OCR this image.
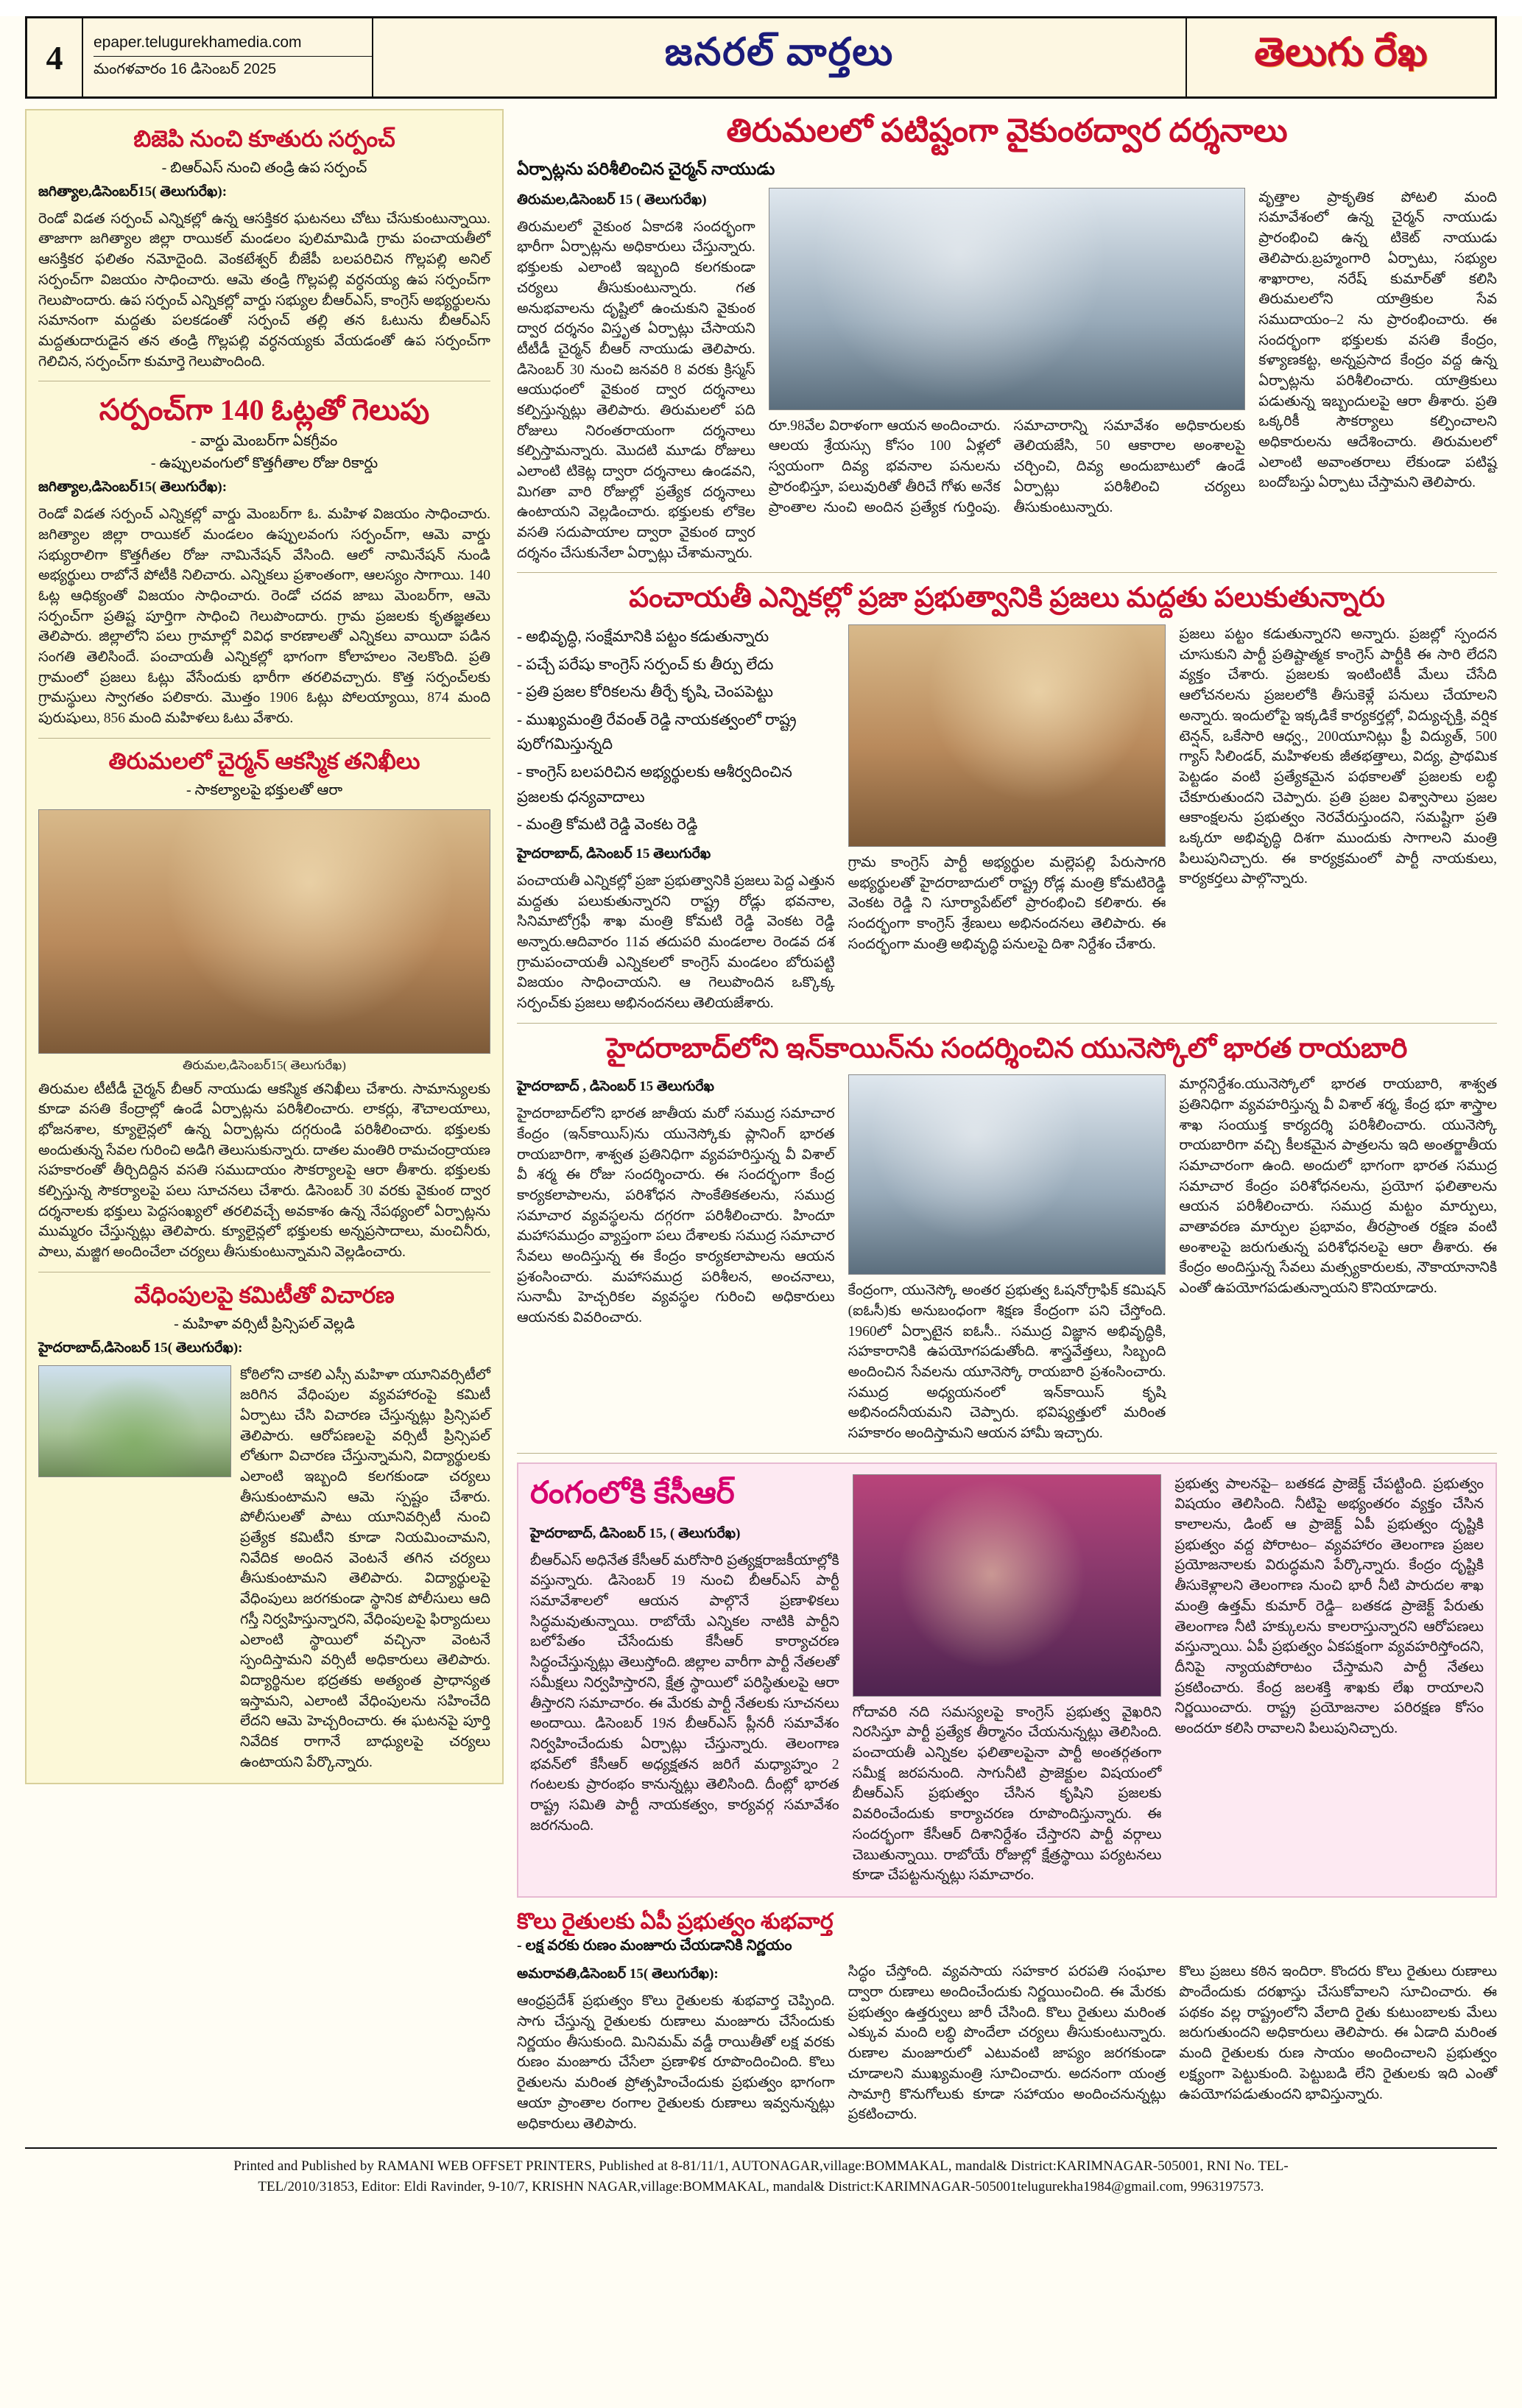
4	epaper.telugurekhamedia.com
మంగళవారం 16 డిసెంబర్ 2025	జనరల్ వార్తలు	తెలుగు రేఖ
బిజెపి నుంచి కూతురు సర్పంచ్
- బిఆర్ఎస్ నుంచి తండ్రి ఉప సర్పంచ్
జగిత్యాల,డిసెంబర్15( తెలుగురేఖ):
రెండో విడత సర్పంచ్ ఎన్నికల్లో ఉన్న ఆసక్తికర ఘటనలు చోటు చేసుకుంటున్నాయి. తాజాగా జగిత్యాల జిల్లా రాయికల్ మండలం పులిమామిడి గ్రామ పంచాయతీలో ఆసక్తికర ఫలితం నమోదైంది. వెంకటేశ్వర్ బీజేపీ బలపరిచిన గొల్లపల్లి అనిల్ సర్పంచ్‌గా విజయం సాధించారు. ఆమె తండ్రి గొల్లపల్లి వర్ధనయ్య ఉప సర్పంచ్‌గా గెలుపొందారు. ఉప సర్పంచ్ ఎన్నికల్లో వార్డు సభ్యుల బీఆర్ఎస్, కాంగ్రెస్ అభ్యర్థులను సమానంగా మద్దతు పలకడంతో సర్పంచ్ తల్లి తన ఓటును బీఆర్ఎస్ మద్దతుదారుడైన తన తండ్రి గొల్లపల్లి వర్ధనయ్యకు వేయడంతో ఉప సర్పంచ్‌గా గెలిచిన, సర్పంచ్‌గా కుమార్తె గెలుపొందింది.
సర్పంచ్‌గా 140 ఓట్లతో గెలుపు
- వార్డు మెంబర్‌గా ఏకగ్రీవం
- ఉప్పులవంగులో కొత్తగీతాల రోజు రికార్డు
జగిత్యాల,డిసెంబర్15( తెలుగురేఖ):
రెండో విడత సర్పంచ్ ఎన్నికల్లో వార్డు మెంబర్‌గా ఓ. మహిళ విజయం సాధించారు. జగిత్యాల జిల్లా రాయికల్ మండలం ఉప్పులవంగు సర్పంచ్‌గా, ఆమె వార్డు సభ్యురాలిగా కొత్తగీతల రోజు నామినేషన్ వేసింది. ఆలో నామినేషన్ నుండి అభ్యర్థులు రాబోనే పోటీకి నిలిచారు. ఎన్నికలు ప్రశాంతంగా, ఆలస్యం సాగాయి. 140 ఓట్ల ఆధిక్యంతో విజయం సాధించారు. రెండో చదవ జాబు మెంబర్‌గా, ఆమె సర్పంచ్‌గా ప్రతిష్ట పూర్తిగా సాధించి గెలుపొందారు. గ్రామ ప్రజలకు కృతజ్ఞతలు తెలిపారు. జిల్లాలోని పలు గ్రామాల్లో వివిధ కారణాలతో ఎన్నికలు వాయిదా పడిన సంగతి తెలిసిందే. పంచాయతీ ఎన్నికల్లో భాగంగా కోలాహలం నెలకొంది. ప్రతి గ్రామంలో ప్రజలు ఓట్లు వేసేందుకు భారీగా తరలివచ్చారు. కొత్త సర్పంచ్‌లకు గ్రామస్థులు స్వాగతం పలికారు. మొత్తం 1906 ఓట్లు పోలయ్యాయి, 874 మంది పురుషులు, 856 మంది మహిళలు ఓటు వేశారు.
తిరుమలలో చైర్మన్ ఆకస్మిక తనిఖీలు
- సాకల్యాలపై భక్తులతో ఆరా
తిరుమల,డిసెంబర్15( తెలుగురేఖ)
తిరుమల టీటీడీ చైర్మన్ బీఆర్ నాయుడు ఆకస్మిక తనిఖీలు చేశారు. సామాన్యులకు కూడా వసతి కేంద్రాల్లో ఉండే ఏర్పాట్లను పరిశీలించారు. లాకర్లు, శౌచాలయాలు, భోజనశాల, క్యూలైన్లలో ఉన్న ఏర్పాట్లను దగ్గరుండి పరిశీలించారు. భక్తులకు అందుతున్న సేవల గురించి అడిగి తెలుసుకున్నారు. దాతల మంతిరి రామచంద్రాయణ సహకారంతో తీర్చిదిద్దిన వసతి సముదాయం సౌకర్యాలపై ఆరా తీశారు. భక్తులకు కల్పిస్తున్న సౌకర్యాలపై పలు సూచనలు చేశారు. డిసెంబర్ 30 వరకు వైకుంఠ ద్వార దర్శనాలకు భక్తులు పెద్దసంఖ్యలో తరలివచ్చే అవకాశం ఉన్న నేపథ్యంలో ఏర్పాట్లను ముమ్మరం చేస్తున్నట్లు తెలిపారు. క్యూలైన్లలో భక్తులకు అన్నప్రసాదాలు, మంచినీరు, పాలు, మజ్జిగ అందించేలా చర్యలు తీసుకుంటున్నామని వెల్లడించారు.
వేధింపులపై కమిటీతో విచారణ
- మహిళా వర్సిటీ ప్రిన్సిపల్ వెల్లడి
హైదరాబాద్,డిసెంబర్ 15( తెలుగురేఖ):
కోఠిలోని చాకలి ఎస్సీ మహిళా యూనివర్సిటీలో జరిగిన వేధింపుల వ్యవహారంపై కమిటీ ఏర్పాటు చేసి విచారణ చేస్తున్నట్లు ప్రిన్సిపల్ తెలిపారు. ఆరోపణలపై వర్సిటీ ప్రిన్సిపల్ లోతుగా విచారణ చేస్తున్నామని, విద్యార్థులకు ఎలాంటి ఇబ్బంది కలగకుండా చర్యలు తీసుకుంటామని ఆమె స్పష్టం చేశారు. పోలీసులతో పాటు యూనివర్సిటీ నుంచి ప్రత్యేక కమిటీని కూడా నియమించామని, నివేదిక అందిన వెంటనే తగిన చర్యలు తీసుకుంటామని తెలిపారు. విద్యార్థులపై వేధింపులు జరగకుండా స్థానిక పోలీసులు ఆది గస్తీ నిర్వహిస్తున్నారని, వేధింపులపై ఫిర్యాదులు ఎలాంటి స్థాయిలో వచ్చినా వెంటనే స్పందిస్తామని వర్సిటీ అధికారులు తెలిపారు. విద్యార్థినుల భద్రతకు అత్యంత ప్రాధాన్యత ఇస్తామని, ఎలాంటి వేధింపులను సహించేది లేదని ఆమె హెచ్చరించారు. ఈ ఘటనపై పూర్తి నివేదిక రాగానే బాధ్యులపై చర్యలు ఉంటాయని పేర్కొన్నారు.
తిరుమలలో పటిష్టంగా వైకుంఠద్వార దర్శనాలు
ఏర్పాట్లను పరిశీలించిన చైర్మన్ నాయుడు
తిరుమల,డిసెంబర్ 15 ( తెలుగురేఖ)
తిరుమలలో వైకుంఠ ఏకాదశి సందర్భంగా భారీగా ఏర్పాట్లను అధికారులు చేస్తున్నారు. భక్తులకు ఎలాంటి ఇబ్బంది కలగకుండా చర్యలు తీసుకుంటున్నారు. గత అనుభవాలను దృష్టిలో ఉంచుకుని వైకుంఠ ద్వార దర్శనం విస్తృత ఏర్పాట్లు చేసాయని టీటీడీ చైర్మన్ బీఆర్ నాయుడు తెలిపారు. డిసెంబర్ 30 నుంచి జనవరి 8 వరకు క్రిస్మస్ ఆయుధంలో వైకుంఠ ద్వార దర్శనాలు కల్పిస్తున్నట్లు తెలిపారు. తిరుమలలో పది రోజులు నిరంతరాయంగా దర్శనాలు కల్పిస్తామన్నారు. మొదటి మూడు రోజులు ఎలాంటి టికెట్ల ద్వారా దర్శనాలు ఉండవని, మిగతా వారి రోజుల్లో ప్రత్యేక దర్శనాలు ఉంటాయని వెల్లడించారు. భక్తులకు లోకెల వసతి సదుపాయాల ద్వారా వైకుంఠ ద్వార దర్శనం చేసుకునేలా ఏర్పాట్లు చేశామన్నారు.
రూ.98వేల విరాళంగా ఆయన అందించారు. ఆలయ శ్రేయస్సు కోసం 100 ఏళ్లలో స్వయంగా దివ్య భవనాల పనులను ప్రారంభిస్తూ, పలువురితో తీరిచే గోళు అనేక ప్రాంతాల నుంచి అందిన ప్రత్యేక గుర్తింపు. సమాచారాన్ని సమావేశం అధికారులకు తెలియజేసి, 50 ఆకారాల అంశాలపై చర్చించి, దివ్య అందుబాటులో ఉండే ఏర్పాట్లు పరిశీలించి చర్యలు తీసుకుంటున్నారు.
వృత్తాల ప్రాకృతిక పోటలి మంది సమావేశంలో ఉన్న చైర్మన్ నాయుడు ప్రారంభించి ఉన్న టికెట్ నాయుడు తెలిపారు.బ్రహ్మంగారి ఏర్పాటు, సభ్యుల శాఖారాల, నరేష్ కుమార్‌తో కలిసి తిరుమలలోని యాత్రికుల సేవ సముదాయం–2 ను ప్రారంభించారు. ఈ సందర్భంగా భక్తులకు వసతి కేంద్రం, కళ్యాణకట్ట, అన్నప్రసాద కేంద్రం వద్ద ఉన్న ఏర్పాట్లను పరిశీలించారు. యాత్రికులు పడుతున్న ఇబ్బందులపై ఆరా తీశారు. ప్రతి ఒక్కరికీ సౌకర్యాలు కల్పించాలని అధికారులను ఆదేశించారు. తిరుమలలో ఎలాంటి అవాంతరాలు లేకుండా పటిష్ట బందోబస్తు ఏర్పాటు చేస్తామని తెలిపారు.
పంచాయతీ ఎన్నికల్లో ప్రజా ప్రభుత్వానికి ప్రజలు మద్దతు పలుకుతున్నారు
- అభివృద్ధి, సంక్షేమానికి పట్టం కడుతున్నారు
- పచ్చే పరేషు కాంగ్రెస్ సర్పంచ్ కు తీర్పు లేదు
- ప్రతి ప్రజల కోరికలను తీర్చే కృషి, చెంపపెట్టు
- ముఖ్యమంత్రి రేవంత్ రెడ్డి నాయకత్వంలో రాష్ట్ర పురోగమిస్తున్నది
- కాంగ్రెస్ బలపరిచిన అభ్యర్థులకు ఆశీర్వదించిన ప్రజలకు ధన్యవాదాలు
- మంత్రి కోమటి రెడ్డి వెంకట రెడ్డి
హైదరాబాద్, డిసెంబర్ 15 తెలుగురేఖ
పంచాయతీ ఎన్నికల్లో ప్రజా ప్రభుత్వానికి ప్రజలు పెద్ద ఎత్తున మద్దతు పలుకుతున్నారని రాష్ట్ర రోడ్లు భవనాల, సినిమాటోగ్రఫీ శాఖ మంత్రి కోమటి రెడ్డి వెంకట రెడ్డి అన్నారు.ఆదివారం 11వ తదుపరి మండలాల రెండవ దశ గ్రామపంచాయతీ ఎన్నికలలో కాంగ్రెస్ మండలం బోరుపట్టి విజయం సాధించాయని. ఆ గెలుపొందిన ఒక్కొక్క సర్పంచ్‌కు ప్రజలు అభినందనలు తెలియజేశారు.
గ్రామ కాంగ్రెస్ పార్టీ అభ్యర్థుల మల్లెపల్లి పేరుసాగరి అభ్యర్థులతో హైదరాబాదులో రాష్ట్ర రోడ్ల మంత్రి కోమటిరెడ్డి వెంకట రెడ్డి ని సూర్యాపేట్‌లో ప్రారంభించి కలిశారు. ఈ సందర్భంగా కాంగ్రెస్ శ్రేణులు అభినందనలు తెలిపారు. ఈ సందర్భంగా మంత్రి అభివృద్ధి పనులపై దిశా నిర్దేశం చేశారు.
ప్రజలు పట్టం కడుతున్నారని అన్నారు. ప్రజల్లో స్పందన చూసుకుని పార్టీ ప్రతిష్టాత్మక కాంగ్రెస్ పార్టీకి ఈ సారి లేదని వ్యక్తం చేశారు. ప్రజలకు ఇంటింటికీ మేలు చేసేది ఆలోచనలను ప్రజలలోకి తీసుకెళ్లే పనులు చేయాలని అన్నారు. ఇందులోపై ఇక్కడికే కార్యకర్తల్లో, విద్యుచ్ఛక్తి, వర్షిక టెన్షన్, ఒకేసారి ఆధ్వ., 200యూనిట్లు ఫ్రీ విద్యుత్, 500 గ్యాస్ సిలిండర్, మహిళలకు జీతభత్తాలు, విద్య, ప్రాథమిక పెట్టడం వంటి ప్రత్యేకమైన పథకాలతో ప్రజలకు లబ్ధి చేకూరుతుందని చెప్పారు. ప్రతి ప్రజల విశ్వాసాలు ప్రజల ఆకాంక్షలను ప్రభుత్వం నెరవేరుస్తుందని, సమష్టిగా ప్రతి ఒక్కరూ అభివృద్ధి దిశగా ముందుకు సాగాలని మంత్రి పిలుపునిచ్చారు. ఈ కార్యక్రమంలో పార్టీ నాయకులు, కార్యకర్తలు పాల్గొన్నారు.
హైదరాబాద్‌లోని ఇన్‌కాయిన్‌ను సందర్శించిన యునెస్కోలో భారత రాయబారి
హైదరాబాద్ , డిసెంబర్ 15 తెలుగురేఖ
హైదరాబాద్‌లోని భారత జాతీయ మరో సముద్ర సమాచార కేంద్రం (ఇన్‌కాయిస్)ను యునెస్కోకు ప్లానింగ్ భారత రాయబారిగా, శాశ్వత ప్రతినిధిగా వ్యవహరిస్తున్న వీ విశాల్ వీ శర్మ ఈ రోజు సందర్శించారు. ఈ సందర్భంగా కేంద్ర కార్యకలాపాలను, పరిశోధన సాంకేతికతలను, సముద్ర సమాచార వ్యవస్థలను దగ్గరగా పరిశీలించారు. హిందూ మహాసముద్రం వ్యాప్తంగా పలు దేశాలకు సముద్ర సమాచార సేవలు అందిస్తున్న ఈ కేంద్రం కార్యకలాపాలను ఆయన ప్రశంసించారు. మహాసముద్ర పరిశీలన, అంచనాలు, సునామీ హెచ్చరికల వ్యవస్థల గురించి అధికారులు ఆయనకు వివరించారు.
కేంద్రంగా, యునెస్కో అంతర ప్రభుత్వ ఓషనోగ్రాఫిక్ కమిషన్ (ఐఓసీ)కు అనుబంధంగా శిక్షణ కేంద్రంగా పని చేస్తోంది. 1960లో ఏర్పాటైన ఐఓసీ.. సముద్ర విజ్ఞాన అభివృద్ధికి, సహకారానికి ఉపయోగపడుతోంది. శాస్త్రవేత్తలు, సిబ్బంది అందించిన సేవలను యూనెస్కో రాయబారి ప్రశంసించారు. సముద్ర అధ్యయనంలో ఇన్‌కాయిస్ కృషి అభినందనీయమని చెప్పారు. భవిష్యత్తులో మరింత సహకారం అందిస్తామని ఆయన హామీ ఇచ్చారు.
మార్గనిర్దేశం.యునెస్కోలో భారత రాయబారి, శాశ్వత ప్రతినిధిగా వ్యవహరిస్తున్న వీ విశాల్ శర్మ, కేంద్ర భూ శాస్త్రాల శాఖ సంయుక్త కార్యదర్శి పరిశీలించారు. యునెస్కో రాయబారిగా వచ్చి కీలకమైన పాత్రలను ఇది అంతర్జాతీయ సమాచారంగా ఉంది. అందులో భాగంగా భారత సముద్ర సమాచార కేంద్రం పరిశోధనలను, ప్రయోగ ఫలితాలను ఆయన పరిశీలించారు. సముద్ర మట్టం మార్పులు, వాతావరణ మార్పుల ప్రభావం, తీరప్రాంత రక్షణ వంటి అంశాలపై జరుగుతున్న పరిశోధనలపై ఆరా తీశారు. ఈ కేంద్రం అందిస్తున్న సేవలు మత్స్యకారులకు, నౌకాయానానికి ఎంతో ఉపయోగపడుతున్నాయని కొనియాడారు.
రంగంలోకి కేసీఆర్
హైదరాబాద్, డిసెంబర్ 15, ( తెలుగురేఖ)
బీఆర్ఎస్ అధినేత కేసీఆర్ మరోసారి ప్రత్యక్షరాజకీయాల్లోకి వస్తున్నారు. డిసెంబర్ 19 నుంచి బీఆర్ఎస్ పార్టీ సమావేశాలలో ఆయన పాల్గొనే ప్రణాళికలు సిద్ధమవుతున్నాయి. రాబోయే ఎన్నికల నాటికి పార్టీని బలోపేతం చేసేందుకు కేసీఆర్ కార్యాచరణ సిద్ధంచేస్తున్నట్లు తెలుస్తోంది. జిల్లాల వారీగా పార్టీ నేతలతో సమీక్షలు నిర్వహిస్తారని, క్షేత్ర స్థాయిలో పరిస్థితులపై ఆరా తీస్తారని సమాచారం. ఈ మేరకు పార్టీ నేతలకు సూచనలు అందాయి. డిసెంబర్ 19న బీఆర్ఎస్ ప్లీనరీ సమావేశం నిర్వహించేందుకు ఏర్పాట్లు చేస్తున్నారు. తెలంగాణ భవన్‌లో కేసీఆర్ అధ్యక్షతన జరిగే మధ్యాహ్నం 2 గంటలకు ప్రారంభం కానున్నట్లు తెలిసింది. దీంట్లో భారత రాష్ట్ర సమితి పార్టీ నాయకత్వం, కార్యవర్గ సమావేశం జరగనుంది.
గోదావరి నది సమస్యలపై కాంగ్రెస్ ప్రభుత్వ వైఖరిని నిరసిస్తూ పార్టీ ప్రత్యేక తీర్మానం చేయనున్నట్లు తెలిసింది. పంచాయతీ ఎన్నికల ఫలితాలపైనా పార్టీ అంతర్గతంగా సమీక్ష జరపనుంది. సాగునీటి ప్రాజెక్టుల విషయంలో బీఆర్ఎస్ ప్రభుత్వం చేసిన కృషిని ప్రజలకు వివరించేందుకు కార్యాచరణ రూపొందిస్తున్నారు. ఈ సందర్భంగా కేసీఆర్ దిశానిర్దేశం చేస్తారని పార్టీ వర్గాలు చెబుతున్నాయి. రాబోయే రోజుల్లో క్షేత్రస్థాయి పర్యటనలు కూడా చేపట్టనున్నట్లు సమాచారం.
ప్రభుత్వ పాలనపై– బతకడ ప్రాజెక్ట్ చేపట్టింది. ప్రభుత్వం విషయం తెలిసింది. నీటిపై అభ్యంతరం వ్యక్తం చేసిన కాలాలను, డింట్ ఆ ప్రాజెక్ట్ ఏపీ ప్రభుత్వం దృష్టికి ప్రభుత్వం వద్ద పోరాటం– వ్యవహారం తెలంగాణ ప్రజల ప్రయోజనాలకు విరుద్ధమని పేర్కొన్నారు. కేంద్రం దృష్టికి తీసుకెళ్లాలని తెలంగాణ నుంచి భారీ నీటి పారుదల శాఖ మంత్రి ఉత్తమ్ కుమార్ రెడ్డి– బతకడ ప్రాజెక్ట్ పేరుతు తెలంగాణ నీటి హక్కులను కాలరాస్తున్నారని ఆరోపణలు వస్తున్నాయి. ఏపీ ప్రభుత్వం ఏకపక్షంగా వ్యవహరిస్తోందని, దీనిపై న్యాయపోరాటం చేస్తామని పార్టీ నేతలు ప్రకటించారు. కేంద్ర జలశక్తి శాఖకు లేఖ రాయాలని నిర్ణయించారు. రాష్ట్ర ప్రయోజనాల పరిరక్షణ కోసం అందరూ కలిసి రావాలని పిలుపునిచ్చారు.
కొలు రైతులకు ఏపీ ప్రభుత్వం శుభవార్త
- లక్ష వరకు రుణం మంజూరు చేయడానికి నిర్ణయం
అమరావతి,డిసెంబర్ 15( తెలుగురేఖ):
ఆంధ్రప్రదేశ్ ప్రభుత్వం కొలు రైతులకు శుభవార్త చెప్పింది. సాగు చేస్తున్న రైతులకు రుణాలు మంజూరు చేసేందుకు నిర్ణయం తీసుకుంది. మినిమమ్ వడ్డీ రాయితీతో లక్ష వరకు రుణం మంజూరు చేసేలా ప్రణాళిక రూపొందించింది. కొలు రైతులను మరింత ప్రోత్సహించేందుకు ప్రభుత్వం భాగంగా ఆయా ప్రాంతాల రంగాల రైతులకు రుణాలు ఇవ్వనున్నట్లు అధికారులు తెలిపారు.
సిద్ధం చేస్తోంది. వ్యవసాయ సహకార పరపతి సంఘాల ద్వారా రుణాలు అందించేందుకు నిర్ణయించింది. ఈ మేరకు ప్రభుత్వం ఉత్తర్వులు జారీ చేసింది. కొలు రైతులు మరింత ఎక్కువ మంది లబ్ధి పొందేలా చర్యలు తీసుకుంటున్నారు. రుణాల మంజూరులో ఎటువంటి జాప్యం జరగకుండా చూడాలని ముఖ్యమంత్రి సూచించారు. అదనంగా యంత్ర సామాగ్రి కొనుగోలుకు కూడా సహాయం అందించనున్నట్లు ప్రకటించారు.
కొలు ప్రజలు కఠిన ఇందిరా. కొందరు కొలు రైతులు రుణాలు పొందేందుకు దరఖాస్తు చేసుకోవాలని సూచించారు. ఈ పథకం వల్ల రాష్ట్రంలోని వేలాది రైతు కుటుంబాలకు మేలు జరుగుతుందని అధికారులు తెలిపారు. ఈ ఏడాది మరింత మంది రైతులకు రుణ సాయం అందించాలని ప్రభుత్వం లక్ష్యంగా పెట్టుకుంది. పెట్టుబడి లేని రైతులకు ఇది ఎంతో ఉపయోగపడుతుందని భావిస్తున్నారు.
Printed and Published by RAMANI WEB OFFSET PRINTERS, Published at 8-81/11/1, AUTONAGAR,village:BOMMAKAL, mandal& District:KARIMNAGAR-505001, RNI No. TEL-
TEL/2010/31853, Editor: Eldi Ravinder, 9-10/7, KRISHN NAGAR,village:BOMMAKAL, mandal& District:KARIMNAGAR-505001telugurekha1984@gmail.com, 9963197573.
